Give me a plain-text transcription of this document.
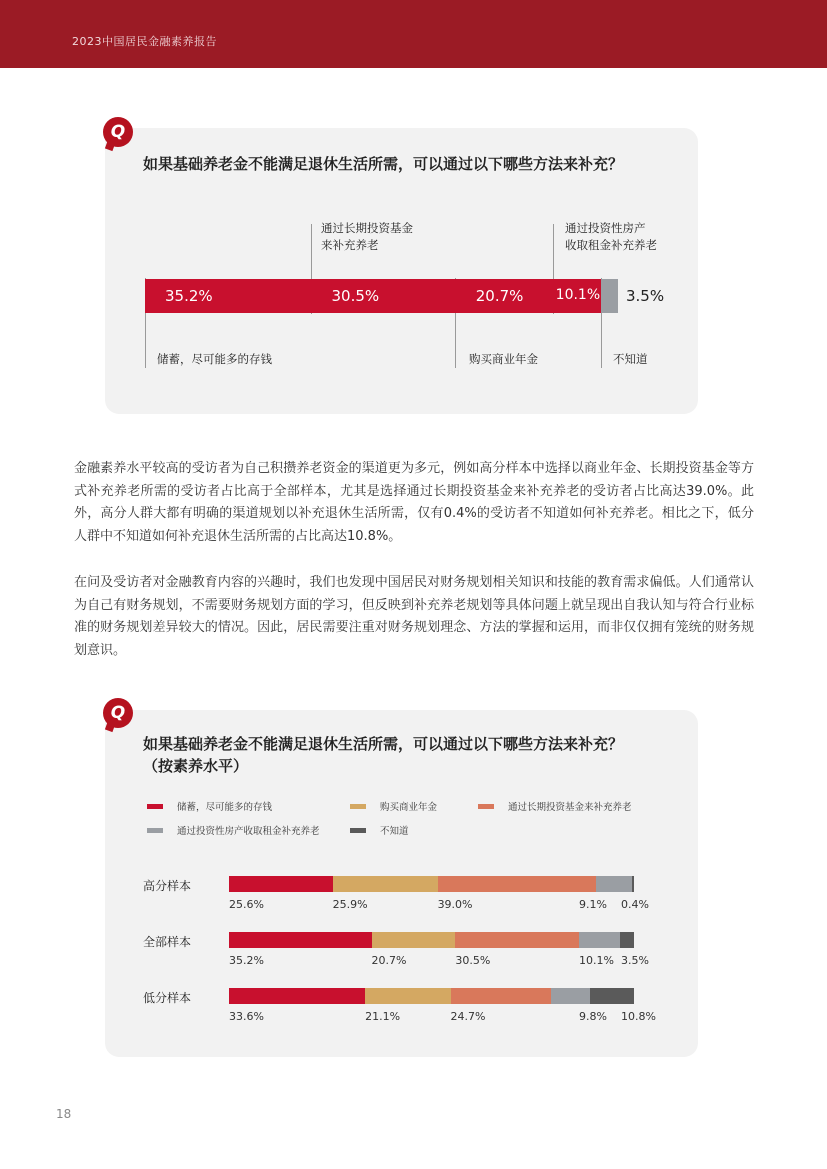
2023中国居民金融素养报告
Q
如果基础养老金不能满足退休生活所需，可以通过以下哪些方法来补充？
通过长期投资基金
来补充养老
通过投资性房产
收取租金补充养老
储蓄，尽可能多的存钱	购买商业年金	不知道
35.2%	30.5%	20.7% 10.1% 3.5%

金融素养水平较高的受访者为自己积攒养老资金的渠道更为多元，例如高分样本中选择以商业年金、长期投资基金等方式补充养老所需的受访者占比高于全部样本，尤其是选择通过长期投资基金来补充养老的受访者占比高达39.0%。此外，高分人群大都有明确的渠道规划以补充退休生活所需，仅有0.4%的受访者不知道如何补充养老。相比之下，低分人群中不知道如何补充退休生活所需的占比高达10.8%。

在问及受访者对金融教育内容的兴趣时，我们也发现中国居民对财务规划相关知识和技能的教育需求偏低。人们通常认为自己有财务规划，不需要财务规划方面的学习，但反映到补充养老规划等具体问题上就呈现出自我认知与符合行业标准的财务规划差异较大的情况。因此，居民需要注重对财务规划理念、方法的掌握和运用，而非仅仅拥有笼统的财务规划意识。

Q
如果基础养老金不能满足退休生活所需，可以通过以下哪些方法来补充？
（按素养水平）
储蓄，尽可能多的存钱	购买商业年金	通过长期投资基金来补充养老
通过投资性房产收取租金补充养老	不知道
高分样本
全部样本
低分样本
25.6%	25.9%	39.0%	9.1% 0.4%
35.2%	20.7%	30.5%	10.1% 3.5%
33.6%	21.1%	24.7%	9.8% 10.8%
18
